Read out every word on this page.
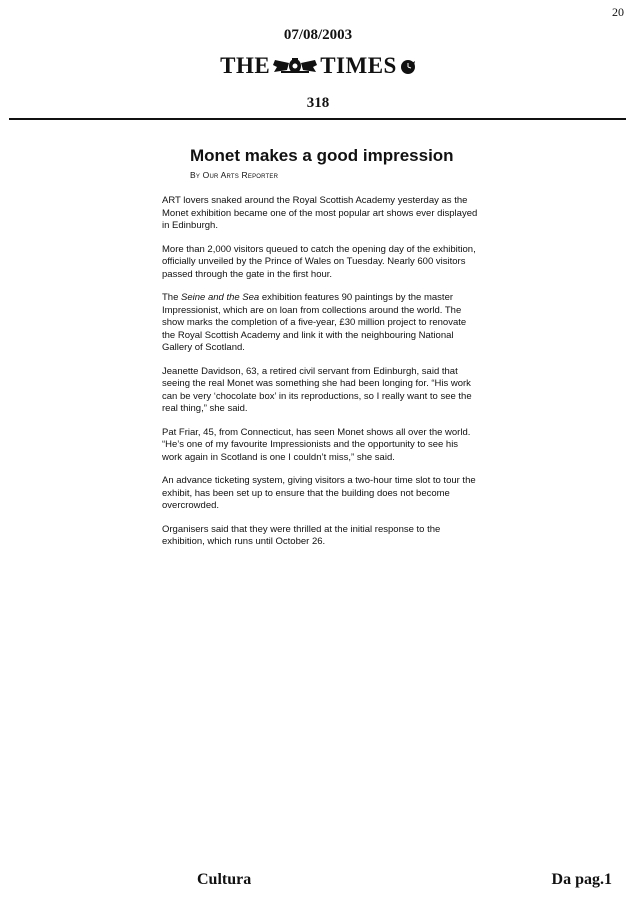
20
07/08/2003
THE TIMES
318
Monet makes a good impression
By Our Arts Reporter

ART lovers snaked around the Royal Scottish Academy yesterday as the Monet exhibition became one of the most popular art shows ever displayed in Edinburgh.

More than 2,000 visitors queued to catch the opening day of the exhibition, officially unveiled by the Prince of Wales on Tuesday. Nearly 600 visitors passed through the gate in the first hour.

The Seine and the Sea exhibition features 90 paintings by the master Impressionist, which are on loan from collections around the world. The show marks the completion of a five-year, £30 million project to renovate the Royal Scottish Academy and link it with the neighbouring National Gallery of Scotland.

Jeanette Davidson, 63, a retired civil servant from Edinburgh, said that seeing the real Monet was something she had been longing for. “His work can be very ‘chocolate box’ in its reproductions, so I really want to see the real thing,” she said.

Pat Friar, 45, from Connecticut, has seen Monet shows all over the world. “He’s one of my favourite Impressionists and the opportunity to see his work again in Scotland is one I couldn’t miss,” she said.

An advance ticketing system, giving visitors a two-hour time slot to tour the exhibit, has been set up to ensure that the building does not become overcrowded.

Organisers said that they were thrilled at the initial response to the exhibition, which runs until October 26.

Cultura	Da pag.1
